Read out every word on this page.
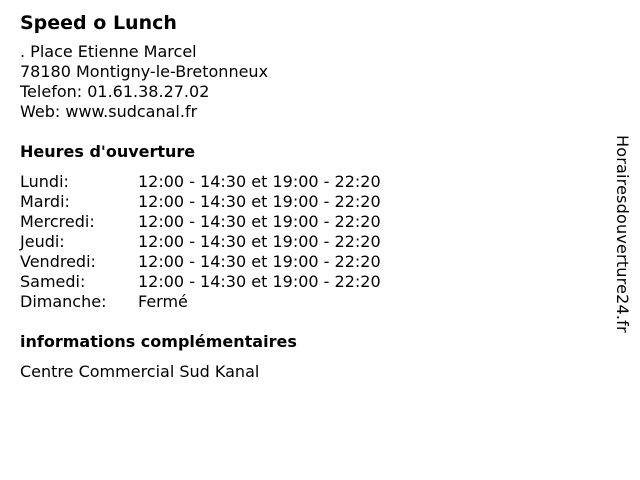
Speed o Lunch
. Place Etienne Marcel
78180 Montigny-le-Bretonneux
Telefon: 01.61.38.27.02
Web: www.sudcanal.fr
Heures d'ouverture
Lundi:	12:00 - 14:30 et 19:00 - 22:20
Mardi:	12:00 - 14:30 et 19:00 - 22:20
Mercredi:	12:00 - 14:30 et 19:00 - 22:20
Jeudi:	12:00 - 14:30 et 19:00 - 22:20
Vendredi:	12:00 - 14:30 et 19:00 - 22:20
Samedi:	12:00 - 14:30 et 19:00 - 22:20
Dimanche:	Fermé
informations complémentaires
Centre Commercial Sud Kanal
Horairesdouverture24.fr
